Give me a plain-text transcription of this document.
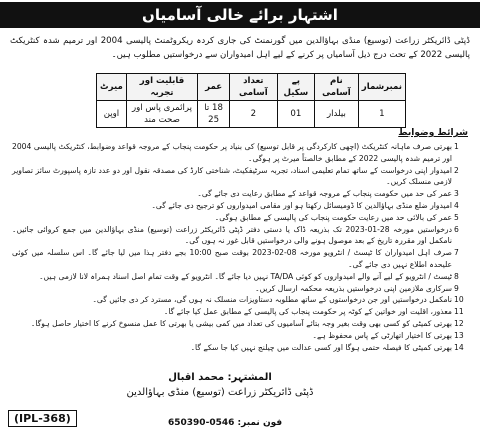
اشتہار برائے خالی آسامیاں
ڈپٹی ڈائریکٹر زراعت (توسیع) منڈی بہاؤالدین میں گورنمنٹ کی جاری کردہ ریکروٹمنٹ پالیسی 2004 اور ترمیم شدہ کنٹریکٹ پالیسی 2022 کے تحت درج ذیل آسامیاں پر کرنے کے لیے اہل امیدواران سے درخواستیں مطلوب ہیں۔
نمبرشمار	نام آسامی	پے سکیل	تعداد آسامی	عمر	قابلیت اور تجربہ	میرٹ
1	بیلدار	01	2	18 تا 25	پرائمری پاس اور صحت مند	اوپن
شرائط وضوابط
1
بھرتی صرف ماہانہ کنٹریکٹ (اچھی کارکردگی پر قابل توسیع) کی بنیاد پر حکومت پنجاب کے مروجہ قواعد وضوابط، کنٹریکٹ پالیسی 2004 اور ترمیم شدہ پالیسی 2022 کے مطابق خالصتاً میرٹ پر ہوگی۔
2
امیدوار اپنی درخواست کے ساتھ تمام تعلیمی اسناد، تجربہ سرٹیفکیٹ، شناختی کارڈ کی مصدقہ نقول اور دو عدد تازہ پاسپورٹ سائز تصاویر لازمی منسلک کریں۔
3
عمر کی حد میں حکومت پنجاب کے مروجہ قواعد کے مطابق رعایت دی جائے گی۔
4
امیدوار ضلع منڈی بہاؤالدین کا ڈومیسائل رکھتا ہو اور مقامی امیدواروں کو ترجیح دی جائے گی۔
5
عمر کی بالائی حد میں رعایت حکومت پنجاب کی پالیسی کے مطابق ہوگی۔
6
درخواستیں مورخہ 28-01-2023 تک بذریعہ ڈاک یا دستی دفتر ڈپٹی ڈائریکٹر زراعت (توسیع) منڈی بہاؤالدین میں جمع کروائی جائیں۔ نامکمل اور مقررہ تاریخ کے بعد موصول ہونے والی درخواستیں قابل غور نہ ہوں گی۔
7
صرف اہل امیدواران کا ٹیسٹ / انٹرویو مورخہ 08-02-2023 بوقت صبح 10:00 بجے دفتر ہذا میں لیا جائے گا۔ اس سلسلہ میں کوئی علیحدہ اطلاع نہیں دی جائے گی۔
8
ٹیسٹ / انٹرویو کے لیے آنے والے امیدواروں کو کوئی TA/DA نہیں دیا جائے گا۔ انٹرویو کے وقت تمام اصل اسناد ہمراہ لانا لازمی ہیں۔
9
سرکاری ملازمین اپنی درخواستیں بذریعہ محکمہ ارسال کریں۔
10
نامکمل درخواستیں اور جن درخواستوں کے ساتھ مطلوبہ دستاویزات منسلک نہ ہوں گی، مسترد کر دی جائیں گی۔
11
معذور، اقلیت اور خواتین کے کوٹہ پر حکومت پنجاب کی پالیسی کے مطابق عمل کیا جائے گا۔
12
بھرتی کمیٹی کو کسی بھی وقت بغیر وجہ بتائے آسامیوں کی تعداد میں کمی بیشی یا بھرتی کا عمل منسوخ کرنے کا اختیار حاصل ہوگا۔
13
بھرتی کا اختیار اتھارٹی کے پاس محفوظ ہے۔
14
بھرتی کمیٹی کا فیصلہ حتمی ہوگا اور کسی عدالت میں چیلنج نہیں کیا جا سکے گا۔
المشتہر: محمد اقبال
ڈپٹی ڈائریکٹر زراعت (توسیع) منڈی بہاؤالدین
(IPL-368)	فون نمبر: 0546-650390
